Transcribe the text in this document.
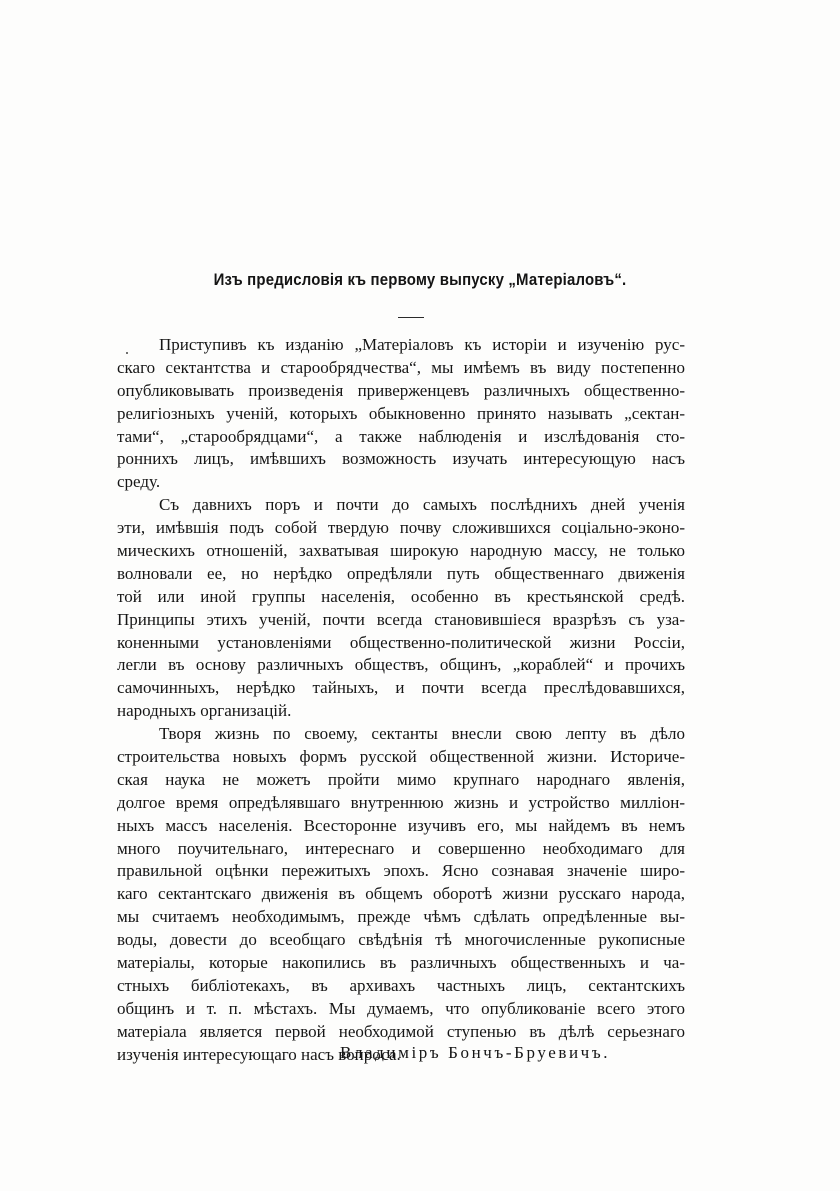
Изъ предисловія къ первому выпуску „Матеріаловъ“.
Приступивъ къ изданію „Матеріаловъ къ исторіи и изученію рус-
скаго сектантства и старообрядчества“, мы имѣемъ въ виду постепенно
опубликовывать произведенія приверженцевъ различныхъ общественно-
религіозныхъ ученій, которыхъ обыкновенно принято называть „сектан-
тами“, „старообрядцами“, а также наблюденія и изслѣдованія сто-
роннихъ лицъ, имѣвшихъ возможность изучать интересующую насъ
среду.
Съ давнихъ поръ и почти до самыхъ послѣднихъ дней ученія
эти, имѣвшія подъ собой твердую почву сложившихся соціально-эконо-
мическихъ отношеній, захватывая широкую народную массу, не только
волновали ее, но нерѣдко опредѣляли путь общественнаго движенія
той или иной группы населенія, особенно въ крестьянской средѣ.
Принципы этихъ ученій, почти всегда становившіеся вразрѣзъ съ уза-
коненными установленіями общественно-политической жизни Россіи,
легли въ основу различныхъ обществъ, общинъ, „кораблей“ и прочихъ
самочинныхъ, нерѣдко тайныхъ, и почти всегда преслѣдовавшихся,
народныхъ организацій.
Творя жизнь по своему, сектанты внесли свою лепту въ дѣло
строительства новыхъ формъ русской общественной жизни. Историче-
ская наука не можетъ пройти мимо крупнаго народнаго явленія,
долгое время опредѣлявшаго внутреннюю жизнь и устройство милліон-
ныхъ массъ населенія. Всесторонне изучивъ его, мы найдемъ въ немъ
много поучительнаго, интереснаго и совершенно необходимаго для
правильной оцѣнки пережитыхъ эпохъ. Ясно сознавая значеніе широ-
каго сектантскаго движенія въ общемъ оборотѣ жизни русскаго народа,
мы считаемъ необходимымъ, прежде чѣмъ сдѣлать опредѣленные вы-
воды, довести до всеобщаго свѣдѣнія тѣ многочисленные рукописные
матеріалы, которые накопились въ различныхъ общественныхъ и ча-
стныхъ библіотекахъ, въ архивахъ частныхъ лицъ, сектантскихъ
общинъ и т. п. мѣстахъ. Мы думаемъ, что опубликованіе всего этого
матеріала является первой необходимой ступенью въ дѣлѣ серьезнаго
изученія интересующаго насъ вопроса.
Владиміръ Бончъ-Бруевичъ.
